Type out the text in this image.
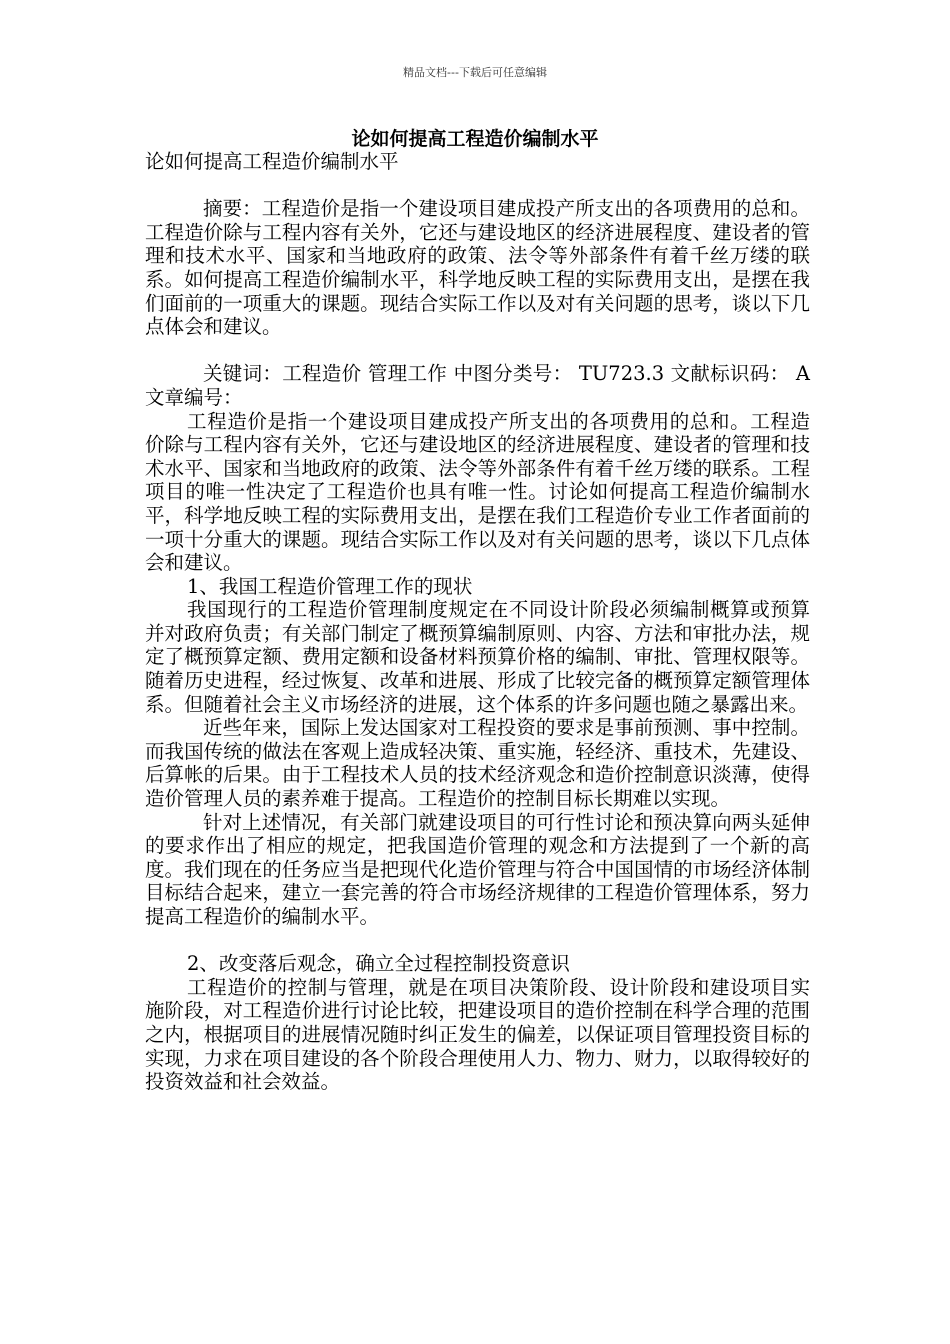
精品文档---下载后可任意编辑
论如何提高工程造价编制水平

论如何提高工程造价编制水平

摘要：工程造价是指一个建设项目建成投产所支出的各项费用的总和。工程造价除与工程内容有关外，它还与建设地区的经济进展程度、建设者的管理和技术水平、国家和当地政府的政策、法令等外部条件有着千丝万缕的联系。如何提高工程造价编制水平，科学地反映工程的实际费用支出，是摆在我们面前的一项重大的课题。现结合实际工作以及对有关问题的思考，谈以下几点体会和建议。

关键词：工程造价 管理工作 中图分类号： TU723.3 文献标识码： A 文章编号：

工程造价是指一个建设项目建成投产所支出的各项费用的总和。工程造价除与工程内容有关外，它还与建设地区的经济进展程度、建设者的管理和技术水平、国家和当地政府的政策、法令等外部条件有着千丝万缕的联系。工程项目的唯一性决定了工程造价也具有唯一性。讨论如何提高工程造价编制水平，科学地反映工程的实际费用支出，是摆在我们工程造价专业工作者面前的一项十分重大的课题。现结合实际工作以及对有关问题的思考，谈以下几点体会和建议。

1、我国工程造价管理工作的现状

我国现行的工程造价管理制度规定在不同设计阶段必须编制概算或预算并对政府负责；有关部门制定了概预算编制原则、内容、方法和审批办法，规定了概预算定额、费用定额和设备材料预算价格的编制、审批、管理权限等。随着历史进程，经过恢复、改革和进展、形成了比较完备的概预算定额管理体系。但随着社会主义市场经济的进展，这个体系的许多问题也随之暴露出来。

近些年来，国际上发达国家对工程投资的要求是事前预测、事中控制。而我国传统的做法在客观上造成轻决策、重实施，轻经济、重技术，先建设、后算帐的后果。由于工程技术人员的技术经济观念和造价控制意识淡薄，使得造价管理人员的素养难于提高。工程造价的控制目标长期难以实现。

针对上述情况，有关部门就建设项目的可行性讨论和预决算向两头延伸的要求作出了相应的规定，把我国造价管理的观念和方法提到了一个新的高度。我们现在的任务应当是把现代化造价管理与符合中国国情的市场经济体制目标结合起来，建立一套完善的符合市场经济规律的工程造价管理体系，努力提高工程造价的编制水平。

2、改变落后观念，确立全过程控制投资意识

工程造价的控制与管理，就是在项目决策阶段、设计阶段和建设项目实施阶段，对工程造价进行讨论比较，把建设项目的造价控制在科学合理的范围之内，根据项目的进展情况随时纠正发生的偏差，以保证项目管理投资目标的实现，力求在项目建设的各个阶段合理使用人力、物力、财力，以取得较好的投资效益和社会效益。
